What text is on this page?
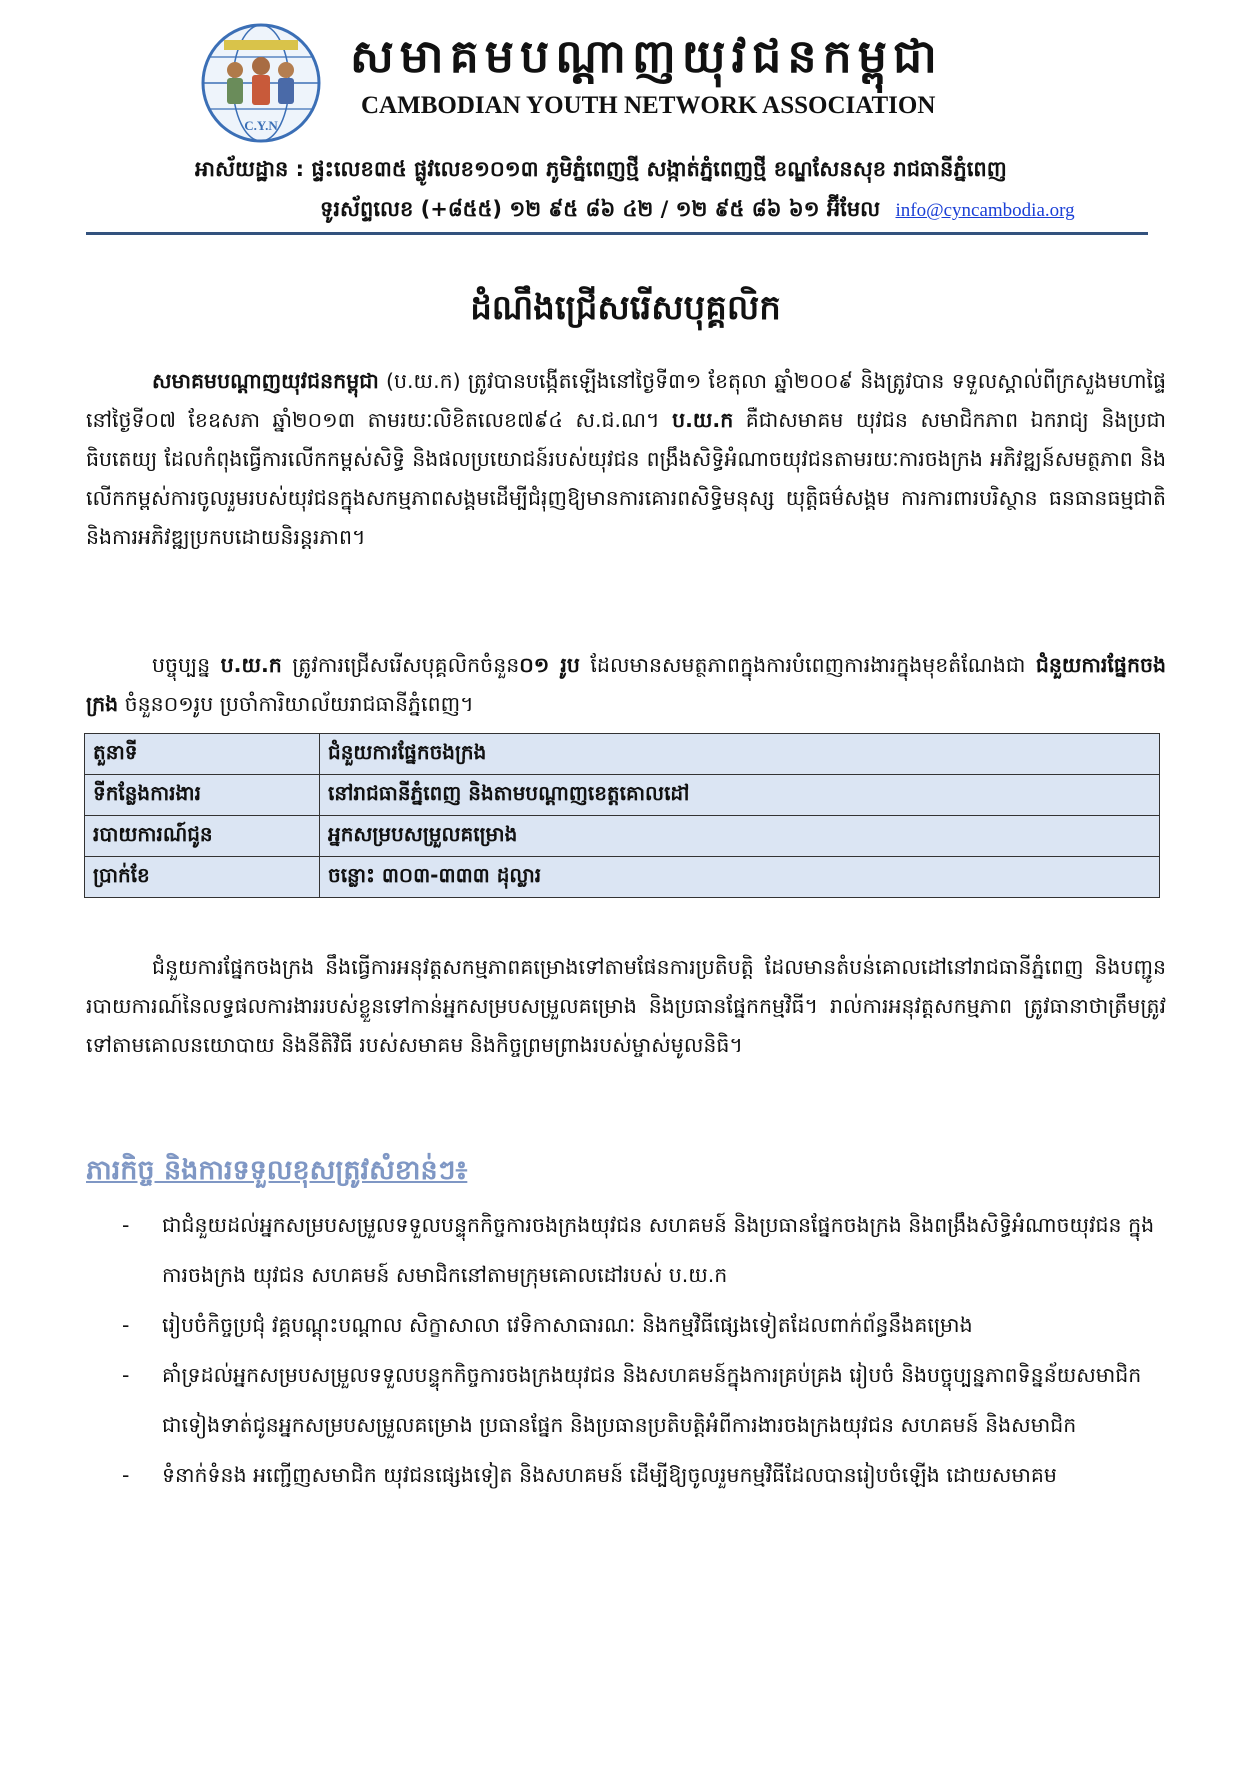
C.Y.N
សមាគមបណ្តាញយុវជនកម្ពុជា
CAMBODIAN YOUTH NETWORK ASSOCIATION
អាស័យដ្ឋាន : ផ្ទះលេខ៣៥ ផ្លូវលេខ១០១៣ ភូមិភ្នំពេញថ្មី សង្កាត់ភ្នំពេញថ្មី ខណ្ឌសែនសុខ រាជធានីភ្នំពេញ
ទូរស័ព្ទលេខ (+៨៥៥) ១២ ៩៥ ៨៦ ៤២ / ១២ ៩៥ ៨៦ ៦១ អ៊ីមែល info@cyncambodia.org
ដំណឹងជ្រើសរើសបុគ្គលិក
សមាគមបណ្តាញយុវជនកម្ពុជា (ប.យ.ក) ត្រូវបានបង្កើតឡើងនៅថ្ងៃទី៣១ ខែតុលា ឆ្នាំ២០០៩ និងត្រូវបាន ទទួលស្គាល់ពីក្រសួងមហាផ្ទៃ នៅថ្ងៃទី០៧ ខែឧសភា ឆ្នាំ២០១៣ តាមរយៈលិខិតលេខ៧៩៤ ស.ជ.ណ។ ប.យ.ក គឺជាសមាគម យុវជន សមាជិកភាព ឯករាជ្យ និងប្រជាធិបតេយ្យ ដែលកំពុងធ្វើការលើកកម្ពស់សិទ្ធិ និងផលប្រយោជន៍របស់យុវជន ពង្រឹងសិទ្ធិអំណាចយុវជនតាមរយៈការចងក្រង អភិវឌ្ឍន៍សមត្ថភាព និងលើកកម្ពស់ការចូលរួមរបស់យុវជនក្នុងសកម្មភាពសង្គមដើម្បីជំរុញឱ្យមានការគោរពសិទ្ធិមនុស្ស យុត្តិធម៌សង្គម ការការពារបរិស្ថាន ធនធានធម្មជាតិ និងការអភិវឌ្ឍប្រកបដោយនិរន្តរភាព។
បច្ចុប្បន្ន ប.យ.ក ត្រូវការជ្រើសរើសបុគ្គលិកចំនួន០១ រូប ដែលមានសមត្ថភាពក្នុងការបំពេញការងារក្នុងមុខតំណែងជា ជំនួយការផ្នែកចងក្រង ចំនួន០១រូប ប្រចាំការិយាល័យរាជធានីភ្នំពេញ។
តួនាទី	ជំនួយការផ្នែកចងក្រង
ទីកន្លែងការងារ	នៅរាជធានីភ្នំពេញ និងតាមបណ្តាញខេត្តគោលដៅ
របាយការណ៍ជូន	អ្នកសម្របសម្រួលគម្រោង
ប្រាក់ខែ	ចន្លោះ ៣០៣-៣៣៣ ដុល្លារ
ជំនួយការផ្នែកចងក្រង នឹងធ្វើការអនុវត្តសកម្មភាពគម្រោងទៅតាមផែនការប្រតិបត្តិ ដែលមានតំបន់គោលដៅនៅរាជធានីភ្នំពេញ និងបញ្ជូនរបាយការណ៍នៃលទ្ធផលការងាររបស់ខ្លួនទៅកាន់អ្នកសម្របសម្រួលគម្រោង និងប្រធានផ្នែកកម្មវិធី។ រាល់ការអនុវត្តសកម្មភាព ត្រូវធានាថាត្រឹមត្រូវទៅតាមគោលនយោបាយ និងនីតិវិធី របស់សមាគម និងកិច្ចព្រមព្រាងរបស់ម្ចាស់មូលនិធិ។
ភារកិច្ច និងការទទួលខុសត្រូវសំខាន់ៗ៖
- ជាជំនួយដល់អ្នកសម្របសម្រួលទទួលបន្ទុកកិច្ចការចងក្រងយុវជន សហគមន៍ និងប្រធានផ្នែកចងក្រង និងពង្រឹងសិទ្ធិអំណាចយុវជន ក្នុងការចងក្រង យុវជន សហគមន៍ សមាជិកនៅតាមក្រុមគោលដៅរបស់ ប.យ.ក
- រៀបចំកិច្ចប្រជុំ វគ្គបណ្តុះបណ្តាល សិក្ខាសាលា វេទិកាសាធារណៈ និងកម្មវិធីផ្សេងទៀតដែលពាក់ព័ន្ធនឹងគម្រោង
- គាំទ្រដល់អ្នកសម្របសម្រួលទទួលបន្ទុកកិច្ចការចងក្រងយុវជន និងសហគមន៍ក្នុងការគ្រប់គ្រង រៀបចំ និងបច្ចុប្បន្នភាពទិន្នន័យសមាជិកជាទៀងទាត់ជូនអ្នកសម្របសម្រួលគម្រោង ប្រធានផ្នែក និងប្រធានប្រតិបត្តិអំពីការងារចងក្រងយុវជន សហគមន៍ និងសមាជិក
- ទំនាក់ទំនង អញ្ជើញសមាជិក យុវជនផ្សេងទៀត និងសហគមន៍ ដើម្បីឱ្យចូលរួមកម្មវិធីដែលបានរៀបចំឡើង ដោយសមាគម
